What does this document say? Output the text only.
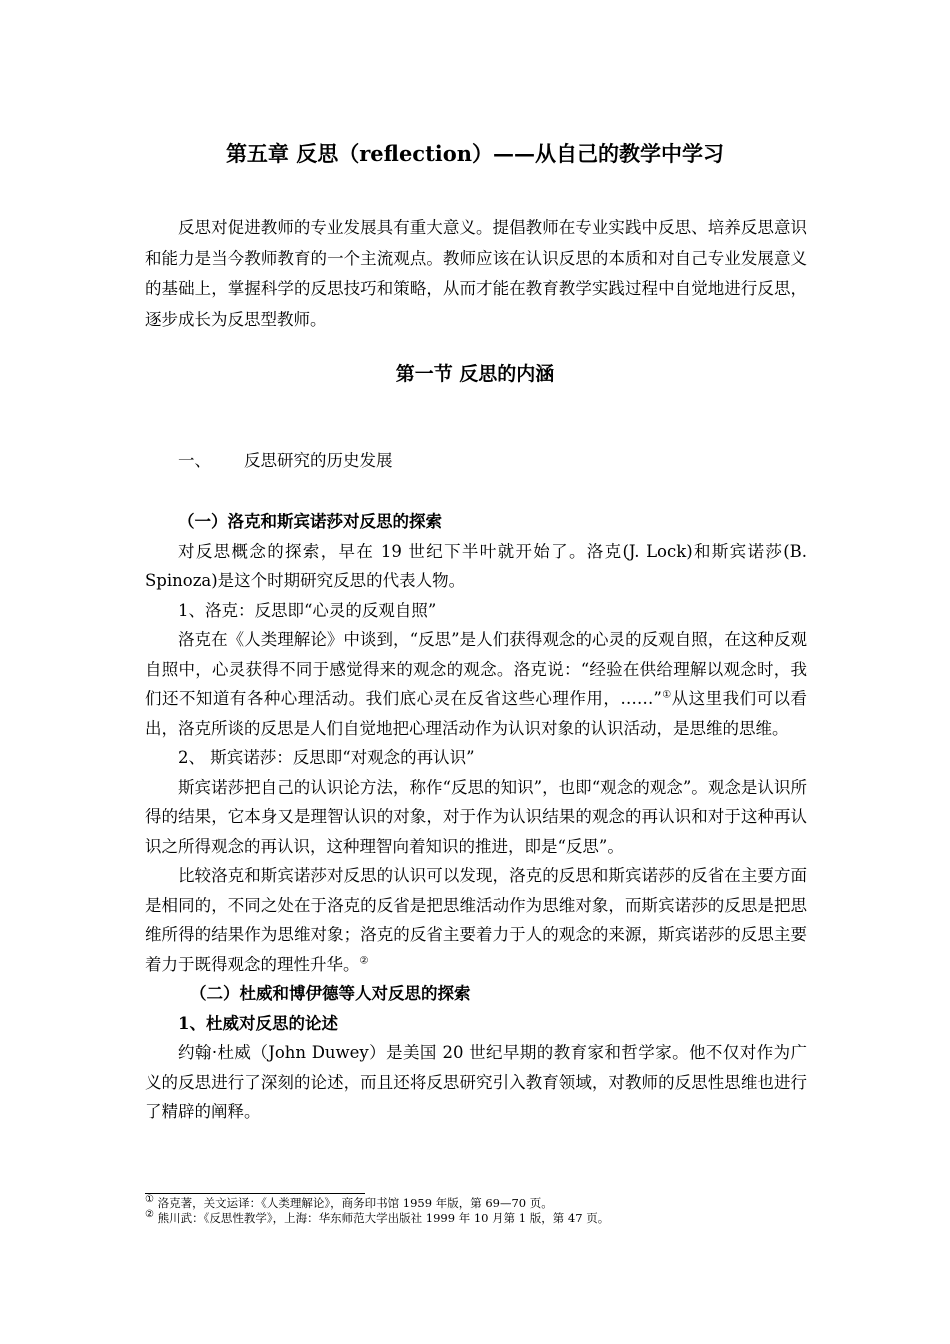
第五章 反思（reflection）——从自己的教学中学习
反思对促进教师的专业发展具有重大意义。提倡教师在专业实践中反思、培养反思意识和能力是当今教师教育的一个主流观点。教师应该在认识反思的本质和对自己专业发展意义的基础上，掌握科学的反思技巧和策略，从而才能在教育教学实践过程中自觉地进行反思，逐步成长为反思型教师。
第一节 反思的内涵
一、 反思研究的历史发展

（一）洛克和斯宾诺莎对反思的探索

对反思概念的探索，早在 19 世纪下半叶就开始了。洛克(J. Lock)和斯宾诺莎(B. Spinoza)是这个时期研究反思的代表人物。

1、洛克：反思即“心灵的反观自照”

洛克在《人类理解论》中谈到，“反思”是人们获得观念的心灵的反观自照，在这种反观自照中，心灵获得不同于感觉得来的观念的观念。洛克说：“经验在供给理解以观念时，我们还不知道有各种心理活动。我们底心灵在反省这些心理作用，……”①从这里我们可以看出，洛克所谈的反思是人们自觉地把心理活动作为认识对象的认识活动，是思维的思维。

2、 斯宾诺莎：反思即“对观念的再认识”

斯宾诺莎把自己的认识论方法，称作“反思的知识”，也即“观念的观念”。观念是认识所得的结果，它本身又是理智认识的对象，对于作为认识结果的观念的再认识和对于这种再认识之所得观念的再认识，这种理智向着知识的推进，即是“反思”。

比较洛克和斯宾诺莎对反思的认识可以发现，洛克的反思和斯宾诺莎的反省在主要方面是相同的，不同之处在于洛克的反省是把思维活动作为思维对象，而斯宾诺莎的反思是把思维所得的结果作为思维对象；洛克的反省主要着力于人的观念的来源，斯宾诺莎的反思主要着力于既得观念的理性升华。②

（二）杜威和博伊德等人对反思的探索

1、杜威对反思的论述

约翰·杜威（John Duwey）是美国 20 世纪早期的教育家和哲学家。他不仅对作为广义的反思进行了深刻的论述，而且还将反思研究引入教育领域，对教师的反思性思维也进行了精辟的阐释。

① 洛克著，关文运译：《人类理解论》，商务印书馆 1959 年版，第 69—70 页。
② 熊川武：《反思性教学》，上海：华东师范大学出版社 1999 年 10 月第 1 版，第 47 页。
